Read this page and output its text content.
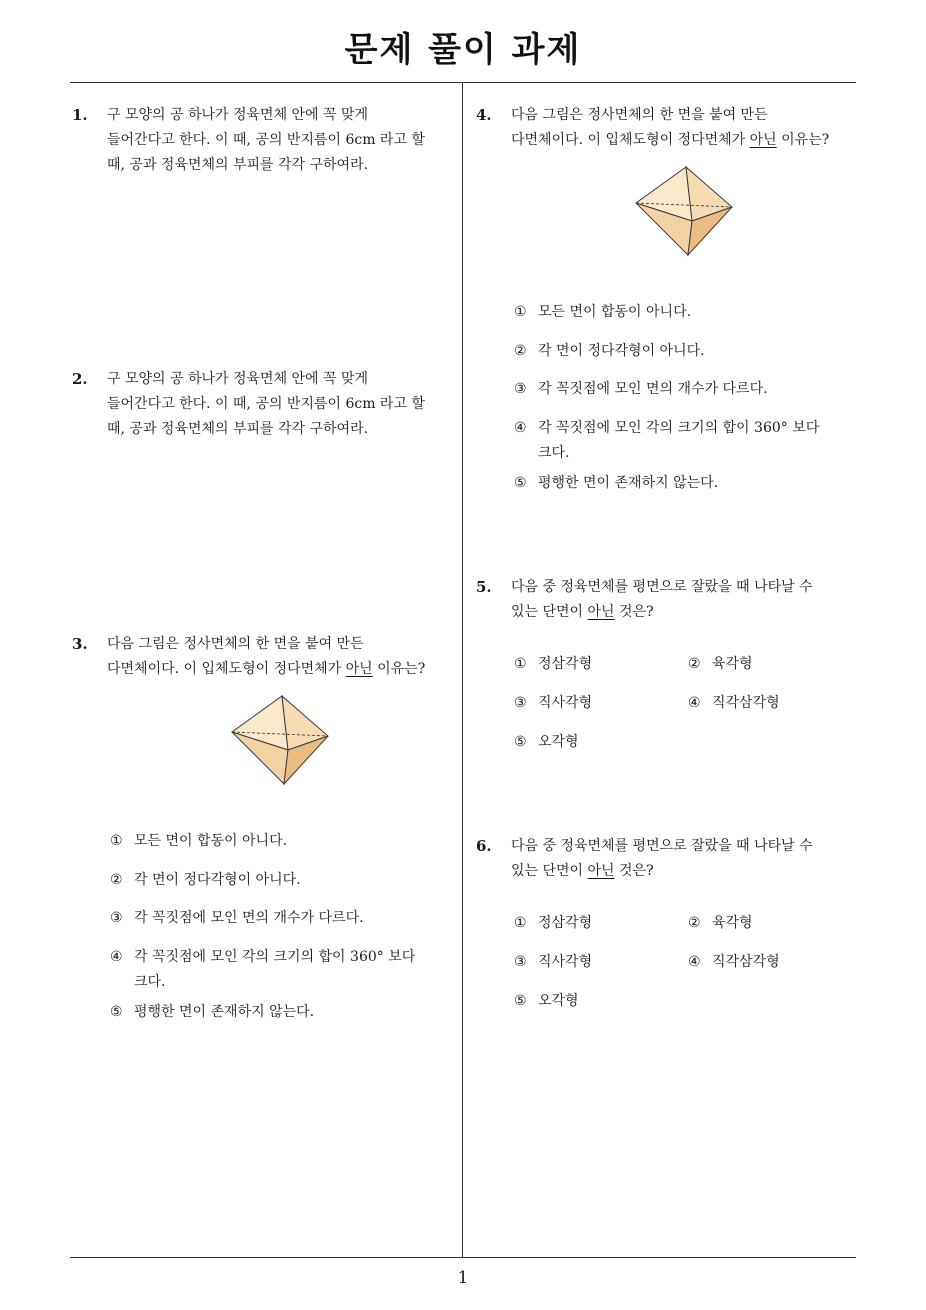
문제 풀이 과제
1. 구 모양의 공 하나가 정육면체 안에 꼭 맞게
들어간다고 한다. 이 때, 공의 반지름이 6cm 라고 할
때, 공과 정육면체의 부피를 각각 구하여라.
2. 구 모양의 공 하나가 정육면체 안에 꼭 맞게
들어간다고 한다. 이 때, 공의 반지름이 6cm 라고 할
때, 공과 정육면체의 부피를 각각 구하여라.
3. 다음 그림은 정사면체의 한 면을 붙여 만든
다면체이다. 이 입체도형이 정다면체가 아닌 이유는?
① 모든 면이 합동이 아니다.
② 각 면이 정다각형이 아니다.
③ 각 꼭짓점에 모인 면의 개수가 다르다.
④ 각 꼭짓점에 모인 각의 크기의 합이 360° 보다
크다.
⑤ 평행한 면이 존재하지 않는다.
4. 다음 그림은 정사면체의 한 면을 붙여 만든
다면체이다. 이 입체도형이 정다면체가 아닌 이유는?
① 모든 면이 합동이 아니다.
② 각 면이 정다각형이 아니다.
③ 각 꼭짓점에 모인 면의 개수가 다르다.
④ 각 꼭짓점에 모인 각의 크기의 합이 360° 보다
크다.
⑤ 평행한 면이 존재하지 않는다.
5. 다음 중 정육면체를 평면으로 잘랐을 때 나타날 수
있는 단면이 아닌 것은?
① 정삼각형	② 육각형
③ 직사각형	④ 직각삼각형
⑤ 오각형
6. 다음 중 정육면체를 평면으로 잘랐을 때 나타날 수
있는 단면이 아닌 것은?
① 정삼각형	② 육각형
③ 직사각형	④ 직각삼각형
⑤ 오각형
1
